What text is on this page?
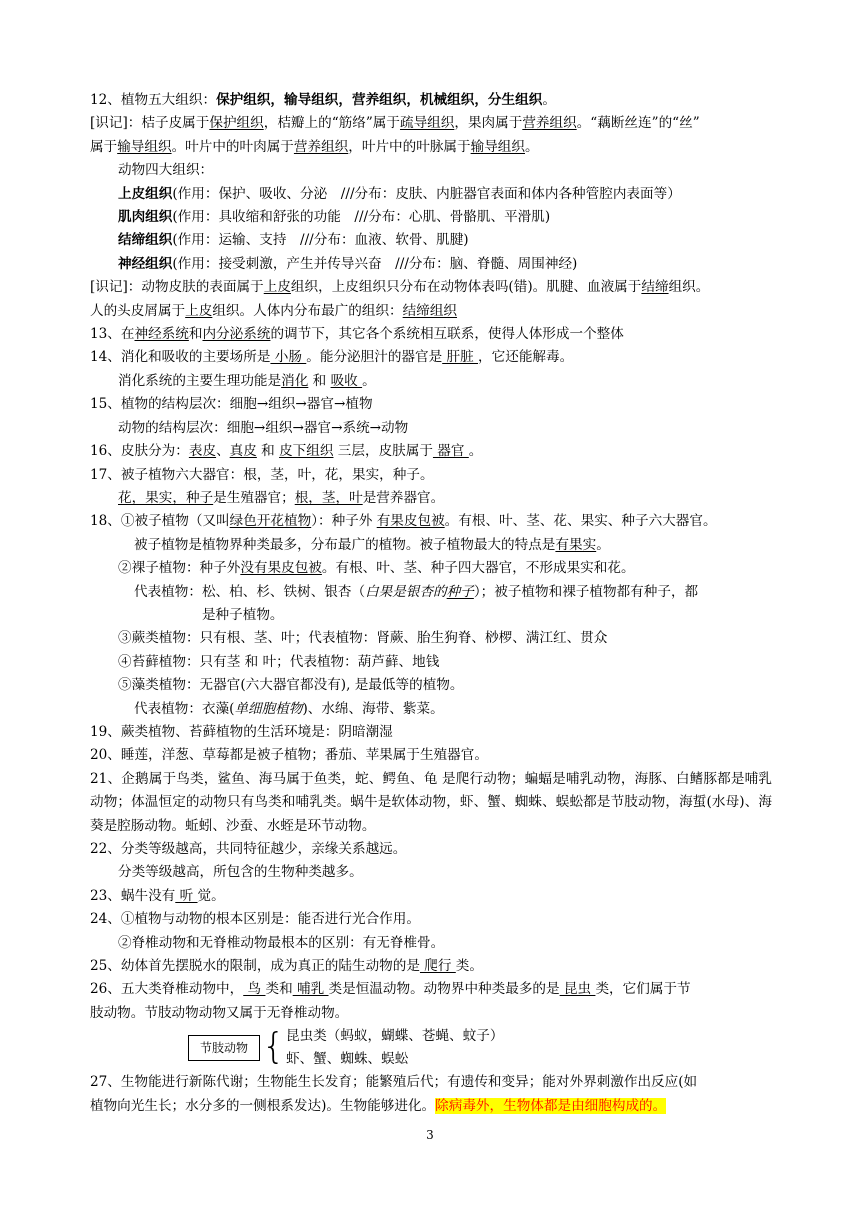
12、植物五大组织：保护组织，输导组织，营养组织，机械组织，分生组织。
[识记]：桔子皮属于保护组织，桔瓣上的“筋络”属于疏导组织，果肉属于营养组织。“藕断丝连”的“丝”
属于输导组织。叶片中的叶肉属于营养组织，叶片中的叶脉属于输导组织。
动物四大组织：
上皮组织(作用：保护、吸收、分泌　///分布：皮肤、内脏器官表面和体内各种管腔内表面等）
肌肉组织(作用：具收缩和舒张的功能　///分布：心肌、骨骼肌、平滑肌)
结缔组织(作用：运输、支持　///分布：血液、软骨、肌腱)
神经组织(作用：接受刺激，产生并传导兴奋　///分布：脑、脊髓、周围神经)
[识记]：动物皮肤的表面属于上皮组织，上皮组织只分布在动物体表吗(错)。肌腱、血液属于结缔组织。
人的头皮屑属于上皮组织。人体内分布最广的组织：结缔组织
13、在神经系统和内分泌系统的调节下，其它各个系统相互联系，使得人体形成一个整体
14、消化和吸收的主要场所是 小肠 。能分泌胆汁的器官是 肝脏 ，它还能解毒。
消化系统的主要生理功能是消化 和 吸收 。
15、植物的结构层次：细胞→组织→器官→植物
动物的结构层次：细胞→组织→器官→系统→动物
16、皮肤分为：表皮、真皮 和 皮下组织 三层，皮肤属于 器官 。
17、被子植物六大器官：根，茎，叶，花，果实，种子。
花，果实，种子是生殖器官；根，茎，叶是营养器官。
18、①被子植物（又叫绿色开花植物）：种子外 有果皮包被。有根、叶、茎、花、果实、种子六大器官。
被子植物是植物界种类最多，分布最广的植物。被子植物最大的特点是有果实。
②裸子植物：种子外没有果皮包被。有根、叶、茎、种子四大器官，不形成果实和花。
代表植物： 松、柏、杉、铁树、银杏（白果是银杏的种子）；被子植物和裸子植物都有种子，都
是种子植物。
③蕨类植物：只有根、茎、叶；代表植物：肾蕨、胎生狗脊、桫椤、满江红、贯众
④苔藓植物：只有茎 和 叶；代表植物：葫芦藓、地钱
⑤藻类植物：无器官(六大器官都没有), 是最低等的植物。
代表植物：衣藻(单细胞植物)、水绵、海带、紫菜。
19、蕨类植物、苔藓植物的生活环境是：阴暗潮湿
20、睡莲，洋葱、草莓都是被子植物；番茄、苹果属于生殖器官。
21、企鹅属于鸟类，鲨鱼、海马属于鱼类，蛇、鳄鱼、龟 是爬行动物；蝙蝠是哺乳动物，海豚、白鳍豚都是哺乳动物；体温恒定的动物只有鸟类和哺乳类。蜗牛是软体动物，虾、蟹、蜘蛛、蜈蚣都是节肢动物，海蜇(水母)、海葵是腔肠动物。蚯蚓、沙蚕、水蛭是环节动物。
22、分类等级越高，共同特征越少，亲缘关系越远。
分类等级越高，所包含的生物种类越多。
23、蜗牛没有 听 觉。
24、①植物与动物的根本区别是：能否进行光合作用。
②脊椎动物和无脊椎动物最根本的区别：有无脊椎骨。
25、幼体首先摆脱水的限制，成为真正的陆生动物的是 爬行 类。
26、五大类脊椎动物中， 鸟 类和 哺乳 类是恒温动物。动物界中种类最多的是 昆虫 类，它们属于节
肢动物。节肢动物动物又属于无脊椎动物。
节肢动物 { 昆虫类（蚂蚁，蝴蝶、苍蝇、蚊子）
虾、蟹、蜘蛛、蜈蚣
27、生物能进行新陈代谢；生物能生长发育；能繁殖后代；有遗传和变异；能对外界刺激作出反应(如
植物向光生长；水分多的一侧根系发达)。生物能够进化。除病毒外，生物体都是由细胞构成的。
3
